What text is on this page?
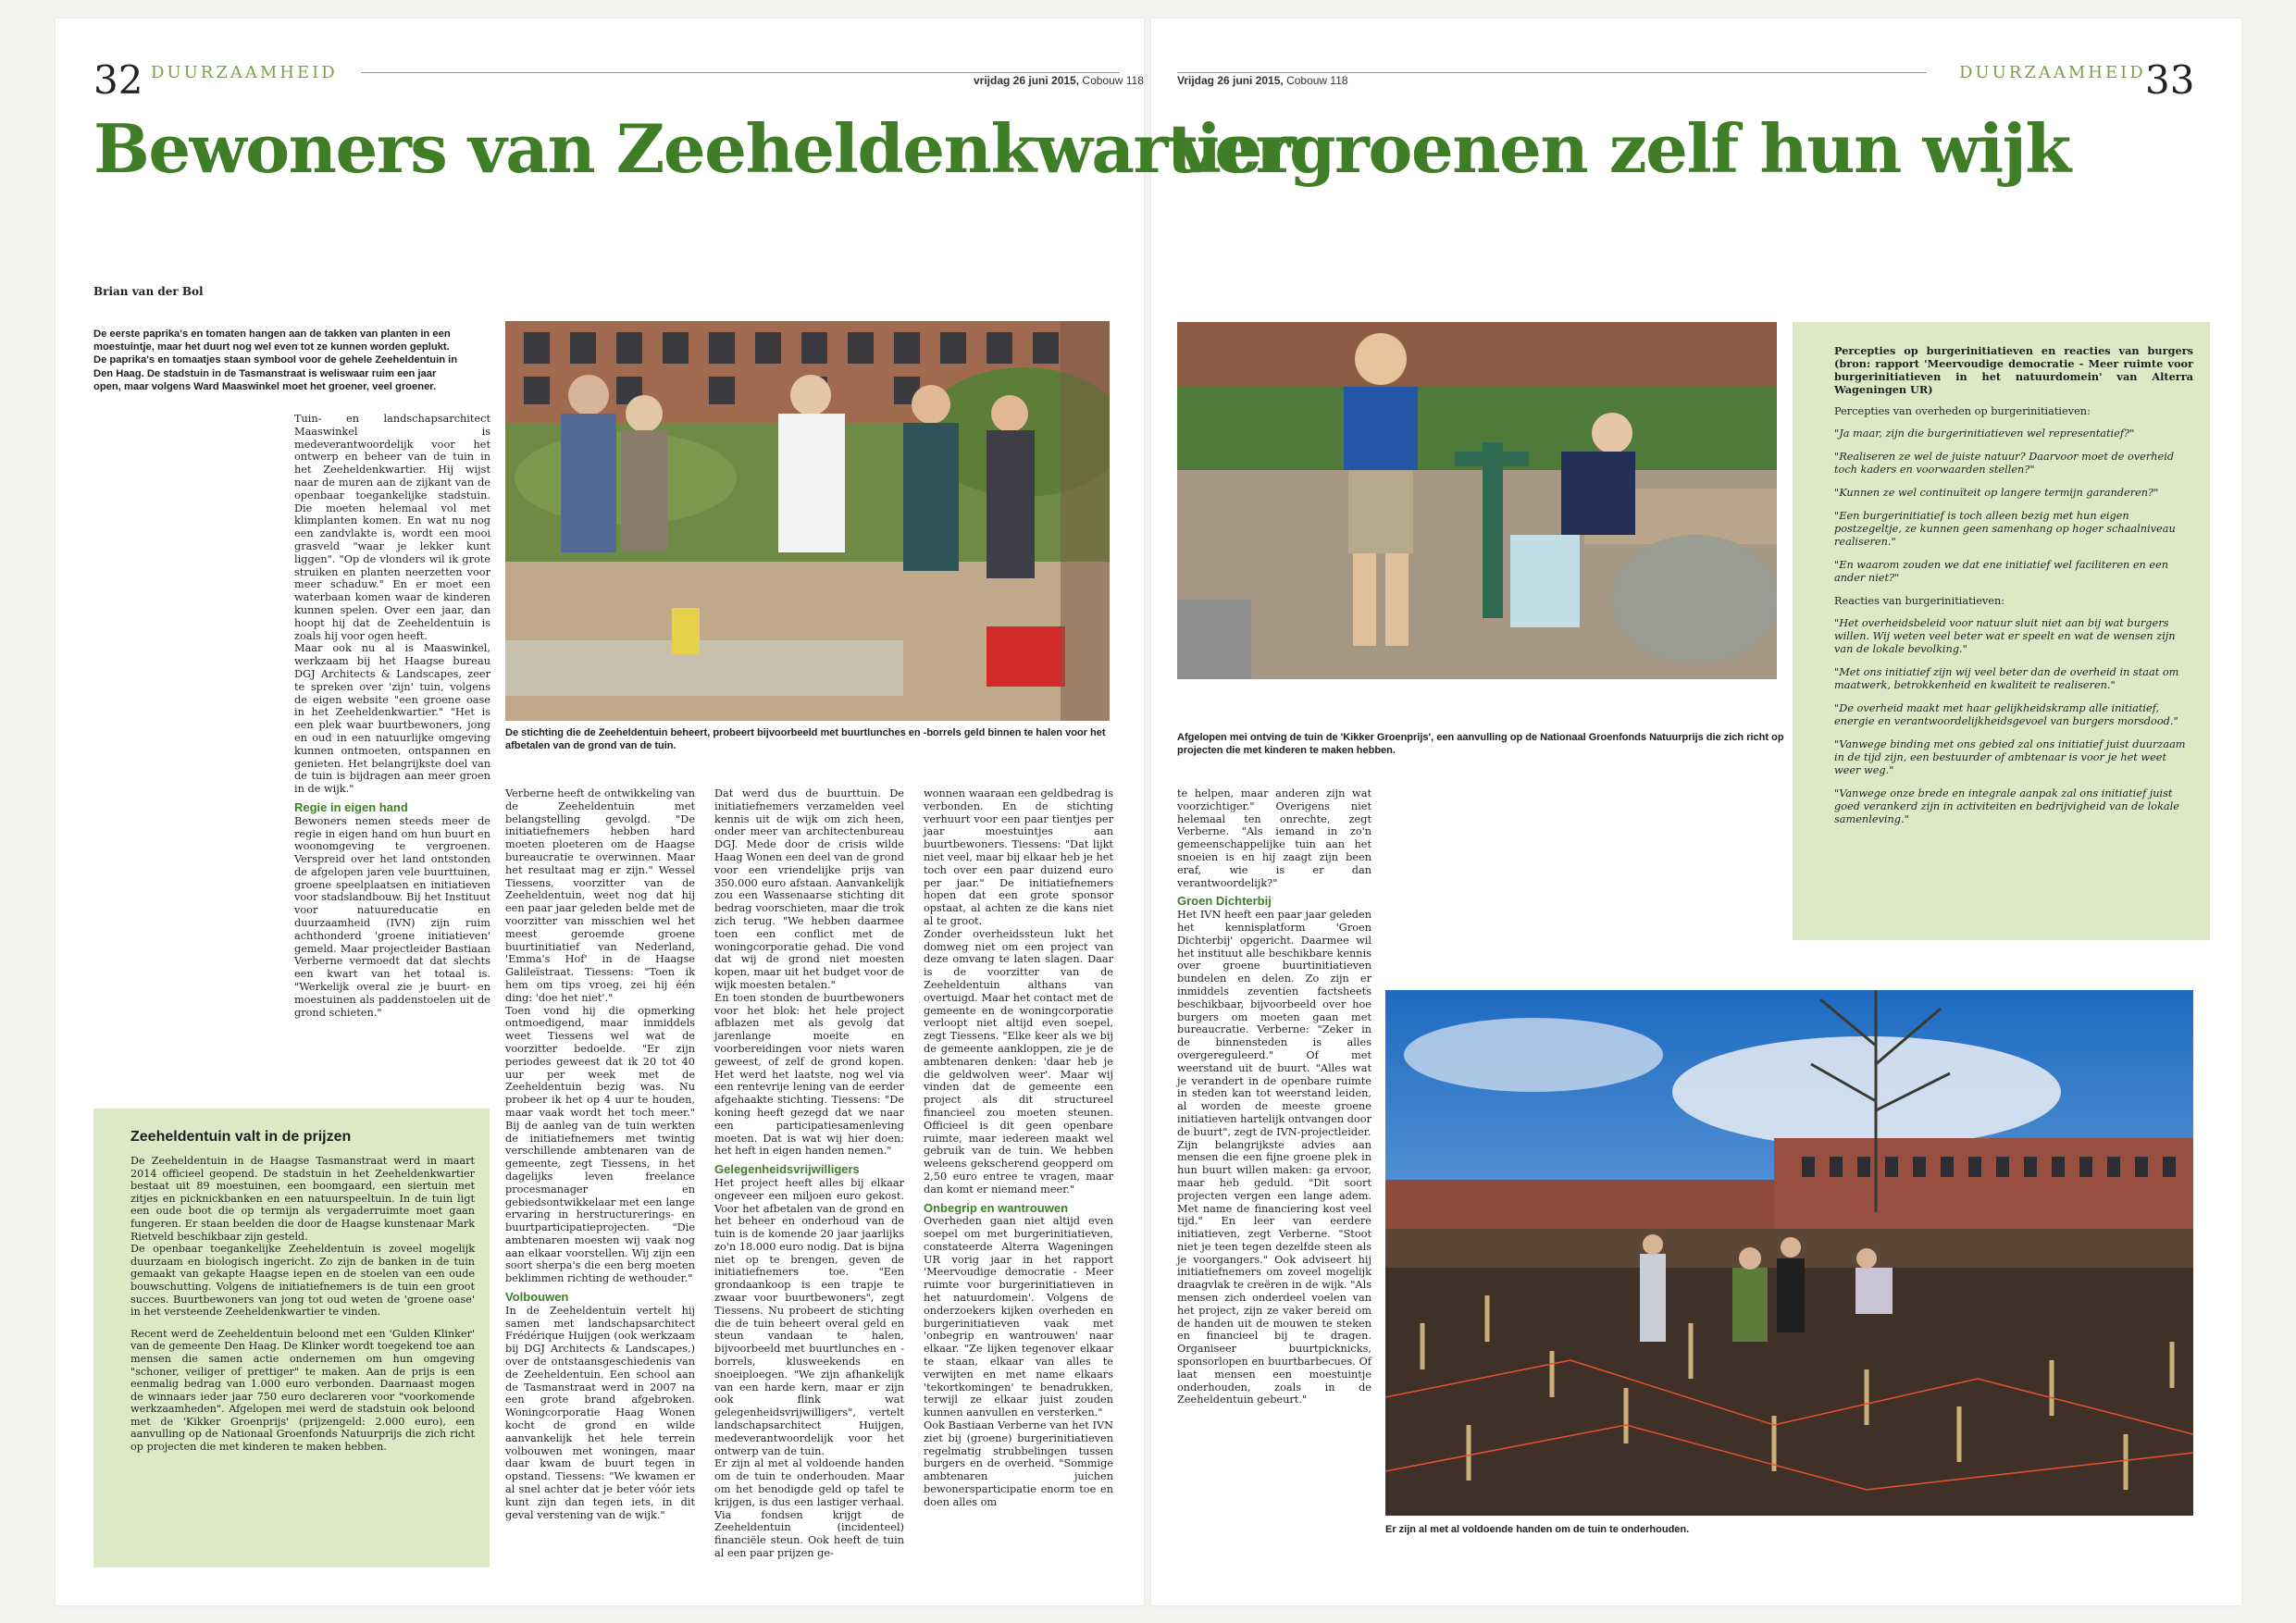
32 DUURZAAMHEID	vrijdag 26 juni 2015, Cobouw 118	Vrijdag 26 juni 2015, Cobouw 118	DUURZAAMHEID 33
Bewoners van Zeeheldenkwartier
vergroenen zelf hun wijk
Brian van der Bol
De eerste paprika's en tomaten hangen aan de takken van planten in een moestuintje, maar het duurt nog wel even tot ze kunnen worden geplukt. De paprika's en tomaatjes staan symbool voor de gehele Zeeheldentuin in Den Haag. De stadstuin in de Tasmanstraat is weliswaar ruim een jaar open, maar volgens Ward Maaswinkel moet het groener, veel groener.

Tuin- en landschapsarchitect Maaswinkel is medeverantwoordelijk voor het ontwerp en beheer van de tuin in het Zeeheldenkwartier. Hij wijst naar de muren aan de zijkant van de openbaar toegankelijke stadstuin. Die moeten helemaal vol met klimplanten komen. En wat nu nog een zandvlakte is, wordt een mooi grasveld "waar je lekker kunt liggen". "Op de vlonders wil ik grote struiken en planten neerzetten voor meer schaduw." En er moet een waterbaan komen waar de kinderen kunnen spelen. Over een jaar, dan hoopt hij dat de Zeeheldentuin is zoals hij voor ogen heeft.

Maar ook nu al is Maaswinkel, werkzaam bij het Haagse bureau DGJ Architects & Landscapes, zeer te spreken over 'zijn' tuin, volgens de eigen website "een groene oase in het Zeeheldenkwartier." "Het is een plek waar buurtbewoners, jong en oud in een natuurlijke omgeving kunnen ontmoeten, ontspannen en genieten. Het belangrijkste doel van de tuin is bijdragen aan meer groen in de wijk."

Regie in eigen hand

Bewoners nemen steeds meer de regie in eigen hand om hun buurt en woonomgeving te vergroenen. Verspreid over het land ontstonden de afgelopen jaren vele buurttuinen, groene speelplaatsen en initiatieven voor stadslandbouw. Bij het Instituut voor natuureducatie en duurzaamheid (IVN) zijn ruim achthonderd 'groene initiatieven' gemeld. Maar projectleider Bastiaan Verberne vermoedt dat dat slechts een kwart van het totaal is. "Werkelijk overal zie je buurt- en moestuinen als paddenstoelen uit de grond schieten."

De stichting die de Zeeheldentuin beheert, probeert bijvoorbeeld met buurtlunches en -borrels geld binnen te halen voor het afbetalen van de grond van de tuin.
Zeeheldentuin valt in de prijzen

De Zeeheldentuin in de Haagse Tasmanstraat werd in maart 2014 officieel geopend. De stadstuin in het Zeeheldenkwartier bestaat uit 89 moestuinen, een boomgaard, een siertuin met zitjes en picknickbanken en een natuurspeeltuin. In de tuin ligt een oude boot die op termijn als vergaderruimte moet gaan fungeren. Er staan beelden die door de Haagse kunstenaar Mark Rietveld beschikbaar zijn gesteld.

De openbaar toegankelijke Zeeheldentuin is zoveel mogelijk duurzaam en biologisch ingericht. Zo zijn de banken in de tuin gemaakt van gekapte Haagse iepen en de stoelen van een oude bouwschutting. Volgens de initiatiefnemers is de tuin een groot succes. Buurtbewoners van jong tot oud weten de 'groene oase' in het versteende Zeeheldenkwartier te vinden.

Recent werd de Zeeheldentuin beloond met een 'Gulden Klinker' van de gemeente Den Haag. De Klinker wordt toegekend toe aan mensen die samen actie ondernemen om hun omgeving "schoner, veiliger of prettiger" te maken. Aan de prijs is een eenmalig bedrag van 1.000 euro verbonden. Daarnaast mogen de winnaars ieder jaar 750 euro declareren voor "voorkomende werkzaamheden". Afgelopen mei werd de stadstuin ook beloond met de 'Kikker Groenprijs' (prijzengeld: 2.000 euro), een aanvulling op de Nationaal Groenfonds Natuurprijs die zich richt op projecten die met kinderen te maken hebben.

Verberne heeft de ontwikkeling van de Zeeheldentuin met belangstelling gevolgd. "De initiatiefnemers hebben hard moeten ploeteren om de Haagse bureaucratie te overwinnen. Maar het resultaat mag er zijn." Wessel Tiessens, voorzitter van de Zeeheldentuin, weet nog dat hij een paar jaar geleden belde met de voorzitter van misschien wel het meest geroemde groene buurtinitiatief van Nederland, 'Emma's Hof' in de Haagse Galileïstraat. Tiessens: "Toen ik hem om tips vroeg, zei hij één ding: 'doe het niet'."

Toen vond hij die opmerking ontmoedigend, maar inmiddels weet Tiessens wel wat de voorzitter bedoelde. "Er zijn periodes geweest dat ik 20 tot 40 uur per week met de Zeeheldentuin bezig was. Nu probeer ik het op 4 uur te houden, maar vaak wordt het toch meer." Bij de aanleg van de tuin werkten de initiatiefnemers met twintig verschillende ambtenaren van de gemeente, zegt Tiessens, in het dagelijks leven freelance procesmanager en gebiedsontwikkelaar met een lange ervaring in herstructurerings- en buurtparticipatieprojecten. "Die ambtenaren moesten wij vaak nog aan elkaar voorstellen. Wij zijn een soort sherpa's die een berg moeten beklimmen richting de wethouder."

Volbouwen

In de Zeeheldentuin vertelt hij samen met landschapsarchitect Frédérique Huijgen (ook werkzaam bij DGJ Architects & Landscapes,) over de ontstaansgeschiedenis van de Zeeheldentuin. Een school aan de Tasmanstraat werd in 2007 na een grote brand afgebroken. Woningcorporatie Haag Wonen kocht de grond en wilde aanvankelijk het hele terrein volbouwen met woningen, maar daar kwam de buurt tegen in opstand. Tiessens: "We kwamen er al snel achter dat je beter vóór iets kunt zijn dan tegen iets, in dit geval verstening van de wijk."

Dat werd dus de buurttuin. De initiatiefnemers verzamelden veel kennis uit de wijk om zich heen, onder meer van architectenbureau DGJ. Mede door de crisis wilde Haag Wonen een deel van de grond voor een vriendelijke prijs van 350.000 euro afstaan. Aanvankelijk zou een Wassenaarse stichting dit bedrag voorschieten, maar die trok zich terug. "We hebben daarmee toen een conflict met de woningcorporatie gehad. Die vond dat wij de grond niet moesten kopen, maar uit het budget voor de wijk moesten betalen."

En toen stonden de buurtbewoners voor het blok: het hele project afblazen met als gevolg dat jarenlange moeite en voorbereidingen voor niets waren geweest, of zelf de grond kopen. Het werd het laatste, nog wel via een rentevrije lening van de eerder afgehaakte stichting. Tiessens: "De koning heeft gezegd dat we naar een participatiesamenleving moeten. Dat is wat wij hier doen: het heft in eigen handen nemen."

Gelegenheidsvrijwilligers

Het project heeft alles bij elkaar ongeveer een miljoen euro gekost. Voor het afbetalen van de grond en het beheer en onderhoud van de tuin is de komende 20 jaar jaarlijks zo'n 18.000 euro nodig. Dat is bijna niet op te brengen, geven de initiatiefnemers toe. "Een grondaankoop is een trapje te zwaar voor buurtbewoners", zegt Tiessens. Nu probeert de stichting die de tuin beheert overal geld en steun vandaan te halen, bijvoorbeeld met buurtlunches en -borrels, klusweekends en snoeiploegen. "We zijn afhankelijk van een harde kern, maar er zijn ook flink wat gelegenheidsvrijwilligers", vertelt landschapsarchitect Huijgen, medeverantwoordelijk voor het ontwerp van de tuin.

Er zijn al met al voldoende handen om de tuin te onderhouden. Maar om het benodigde geld op tafel te krijgen, is dus een lastiger verhaal. Via fondsen krijgt de Zeeheldentuin (incidenteel) financiële steun. Ook heeft de tuin al een paar prijzen ge-

wonnen waaraan een geldbedrag is verbonden. En de stichting verhuurt voor een paar tientjes per jaar moestuintjes aan buurtbewoners. Tiessens: "Dat lijkt niet veel, maar bij elkaar heb je het toch over een paar duizend euro per jaar." De initiatiefnemers hopen dat een grote sponsor opstaat, al achten ze die kans niet al te groot.

Zonder overheidssteun lukt het domweg niet om een project van deze omvang te laten slagen. Daar is de voorzitter van de Zeeheldentuin althans van overtuigd. Maar het contact met de gemeente en de woningcorporatie verloopt niet altijd even soepel, zegt Tiessens. "Elke keer als we bij de gemeente aankloppen, zie je de ambtenaren denken: 'daar heb je die geldwolven weer'. Maar wij vinden dat de gemeente een project als dit structureel financieel zou moeten steunen. Officieel is dit geen openbare ruimte, maar iedereen maakt wel gebruik van de tuin. We hebben weleens gekscherend geopperd om 2,50 euro entree te vragen, maar dan komt er niemand meer."

Onbegrip en wantrouwen

Overheden gaan niet altijd even soepel om met burgerinitiatieven, constateerde Alterra Wageningen UR vorig jaar in het rapport 'Meervoudige democratie - Meer ruimte voor burgerinitiatieven in het natuurdomein'. Volgens de onderzoekers kijken overheden en burgerinitiatieven vaak met 'onbegrip en wantrouwen' naar elkaar. "Ze lijken tegenover elkaar te staan, elkaar van alles te verwijten en met name elkaars 'tekortkomingen' te benadrukken, terwijl ze elkaar juist zouden kunnen aanvullen en versterken."

Ook Bastiaan Verberne van het IVN ziet bij (groene) burgerinitiatieven regelmatig strubbelingen tussen burgers en de overheid. "Sommige ambtenaren juichen bewonersparticipatie enorm toe en doen alles om

Afgelopen mei ontving de tuin de 'Kikker Groenprijs', een aanvulling op de Nationaal Groenfonds Natuurprijs die zich richt op projecten die met kinderen te maken hebben.

te helpen, maar anderen zijn wat voorzichtiger." Overigens niet helemaal ten onrechte, zegt Verberne. "Als iemand in zo'n gemeenschappelijke tuin aan het snoeien is en hij zaagt zijn been eraf, wie is er dan verantwoordelijk?"

Groen Dichterbij

Het IVN heeft een paar jaar geleden het kennisplatform 'Groen Dichterbij' opgericht. Daarmee wil het instituut alle beschikbare kennis over groene buurtinitiatieven bundelen en delen. Zo zijn er inmiddels zeventien factsheets beschikbaar, bijvoorbeeld over hoe burgers om moeten gaan met bureaucratie. Verberne: "Zeker in de binnensteden is alles overgereguleerd." Of met weerstand uit de buurt. "Alles wat je verandert in de openbare ruimte in steden kan tot weerstand leiden, al worden de meeste groene initiatieven hartelijk ontvangen door de buurt", zegt de IVN-projectleider.

Zijn belangrijkste advies aan mensen die een fijne groene plek in hun buurt willen maken: ga ervoor, maar heb geduld. "Dit soort projecten vergen een lange adem. Met name de financiering kost veel tijd." En leer van eerdere initiatieven, zegt Verberne. "Stoot niet je teen tegen dezelfde steen als je voorgangers." Ook adviseert hij initiatiefnemers om zoveel mogelijk draagvlak te creëren in de wijk. "Als mensen zich onderdeel voelen van het project, zijn ze vaker bereid om de handen uit de mouwen te steken en financieel bij te dragen. Organiseer buurtpicknicks, sponsorlopen en buurtbarbecues. Of laat mensen een moestuintje onderhouden, zoals in de Zeeheldentuin gebeurt."

Percepties op burgerinitiatieven en reacties van burgers (bron: rapport 'Meervoudige democratie - Meer ruimte voor burgerinitiatieven in het natuurdomein' van Alterra Wageningen UR)
Percepties van overheden op burgerinitiatieven:
"Ja maar, zijn die burgerinitiatieven wel representatief?"
"Realiseren ze wel de juiste natuur? Daarvoor moet de overheid toch kaders en voorwaarden stellen?"
"Kunnen ze wel continuïteit op langere termijn garanderen?"
"Een burgerinitiatief is toch alleen bezig met hun eigen postzegeltje, ze kunnen geen samenhang op hoger schaalniveau realiseren."
"En waarom zouden we dat ene initiatief wel faciliteren en een ander niet?"
Reacties van burgerinitiatieven:
"Het overheidsbeleid voor natuur sluit niet aan bij wat burgers willen. Wij weten veel beter wat er speelt en wat de wensen zijn van de lokale bevolking."
"Met ons initiatief zijn wij veel beter dan de overheid in staat om maatwerk, betrokkenheid en kwaliteit te realiseren."
"De overheid maakt met haar gelijkheidskramp alle initiatief, energie en verantwoordelijkheidsgevoel van burgers morsdood."
"Vanwege binding met ons gebied zal ons initiatief juist duurzaam in de tijd zijn, een bestuurder of ambtenaar is voor je het weet weer weg."
"Vanwege onze brede en integrale aanpak zal ons initiatief juist goed verankerd zijn in activiteiten en bedrijvigheid van de lokale samenleving."
Er zijn al met al voldoende handen om de tuin te onderhouden.
